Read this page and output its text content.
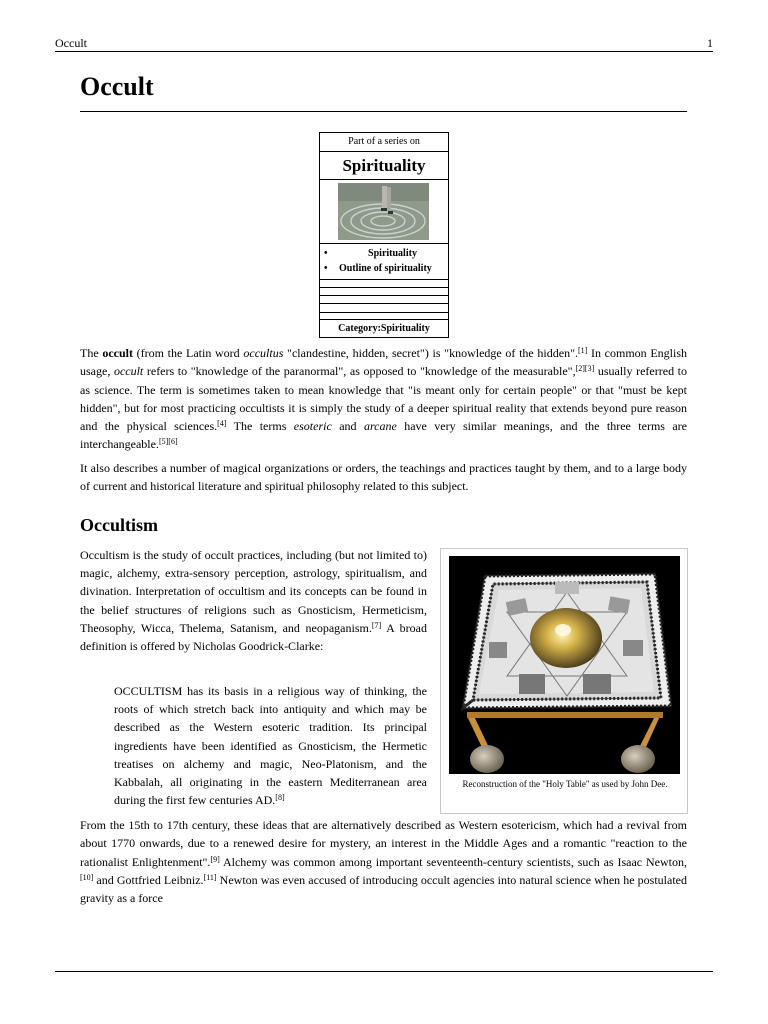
Occult	1
Occult
Part of a series on
Spirituality
•	Spirituality
• Outline of spirituality
Category:Spirituality

The occult (from the Latin word occultus "clandestine, hidden, secret") is "knowledge of the hidden".[1] In common English usage, occult refers to "knowledge of the paranormal", as opposed to "knowledge of the measurable",[2][3] usually referred to as science. The term is sometimes taken to mean knowledge that "is meant only for certain people" or that "must be kept hidden", but for most practicing occultists it is simply the study of a deeper spiritual reality that extends beyond pure reason and the physical sciences.[4] The terms esoteric and arcane have very similar meanings, and the three terms are interchangeable.[5][6]

It also describes a number of magical organizations or orders, the teachings and practices taught by them, and to a large body of current and historical literature and spiritual philosophy related to this subject.

Occultism

Occultism is the study of occult practices, including (but not limited to) magic, alchemy, extra-sensory perception, astrology, spiritualism, and divination. Interpretation of occultism and its concepts can be found in the belief structures of religions such as Gnosticism, Hermeticism, Theosophy, Wicca, Thelema, Satanism, and neopaganism.[7] A broad definition is offered by Nicholas Goodrick-Clarke:

OCCULTISM has its basis in a religious way of thinking, the roots of which stretch back into antiquity and which may be described as the Western esoteric tradition. Its principal ingredients have been identified as Gnosticism, the Hermetic treatises on alchemy and magic, Neo-Platonism, and the Kabbalah, all originating in the eastern Mediterranean area during the first few centuries AD.[8]

From the 15th to 17th century, these ideas that are alternatively described as Western esotericism, which had a revival from about 1770 onwards, due to a renewed desire for mystery, an interest in the Middle Ages and a romantic "reaction to the rationalist Enlightenment".[9] Alchemy was common among important seventeenth-century scientists, such as Isaac Newton,[10] and Gottfried Leibniz.[11] Newton was even accused of introducing occult agencies into natural science when he postulated gravity as a force

Reconstruction of the "Holy Table" as used by John Dee.
